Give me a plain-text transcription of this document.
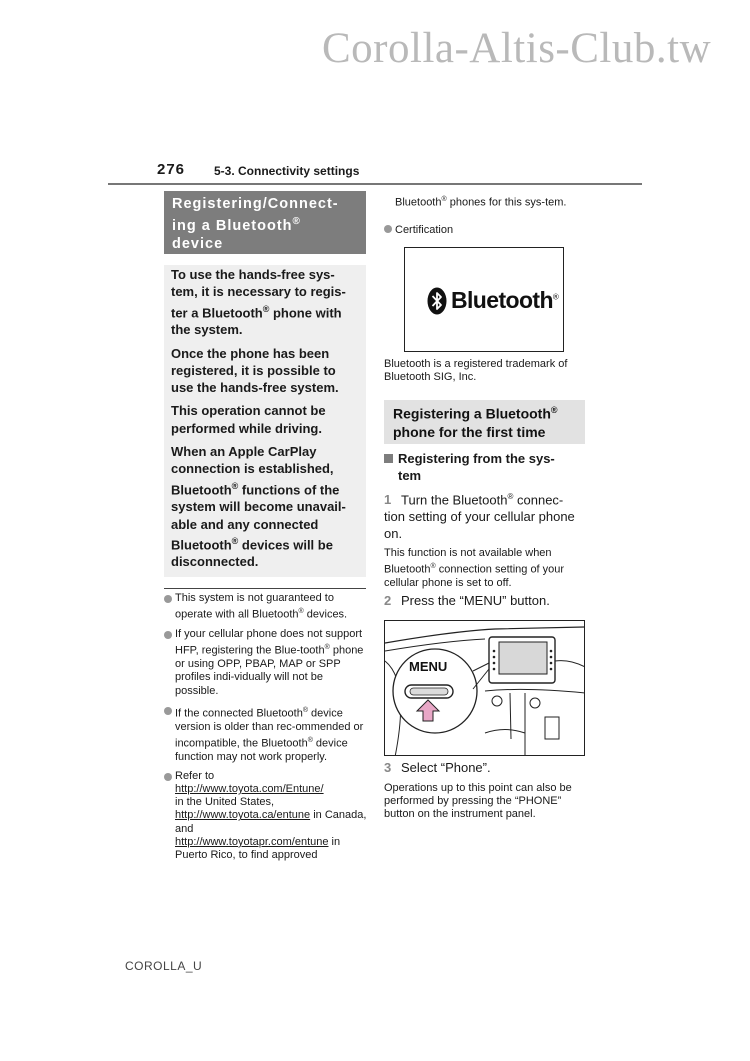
Corolla-Altis-Club.tw
276 5-3. Connectivity settings
Registering/Connect-
ing a Bluetooth®
device

To use the hands-free sys-tem, it is necessary to regis-ter a Bluetooth® phone with the system.

Once the phone has been registered, it is possible to use the hands-free system.

This operation cannot be performed while driving.

When an Apple CarPlay connection is established, Bluetooth® functions of the system will become unavail-able and any connected Bluetooth® devices will be disconnected.

This system is not guaranteed to operate with all Bluetooth® devices.
If your cellular phone does not support HFP, registering the Blue-tooth® phone or using OPP, PBAP, MAP or SPP profiles indi-vidually will not be possible.
If the connected Bluetooth® device version is older than rec-ommended or incompatible, the Bluetooth® device function may not work properly.
Refer to
http://www.toyota.com/Entune/
in the United States,
http://www.toyota.ca/entune in Canada, and
http://www.toyotapr.com/entune in Puerto Rico, to find approved
Bluetooth® phones for this sys-tem.
Certification
Bluetooth®
Bluetooth is a registered trademark of Bluetooth SIG, Inc.
Registering a Bluetooth®
phone for the first time
Registering from the sys-
tem
1 Turn the Bluetooth® connec-tion setting of your cellular phone on.
This function is not available when Bluetooth® connection setting of your cellular phone is set to off.
2 Press the “MENU” button.
MENU
3 Select “Phone”.
Operations up to this point can also be performed by pressing the “PHONE” button on the instrument panel.
COROLLA_U
